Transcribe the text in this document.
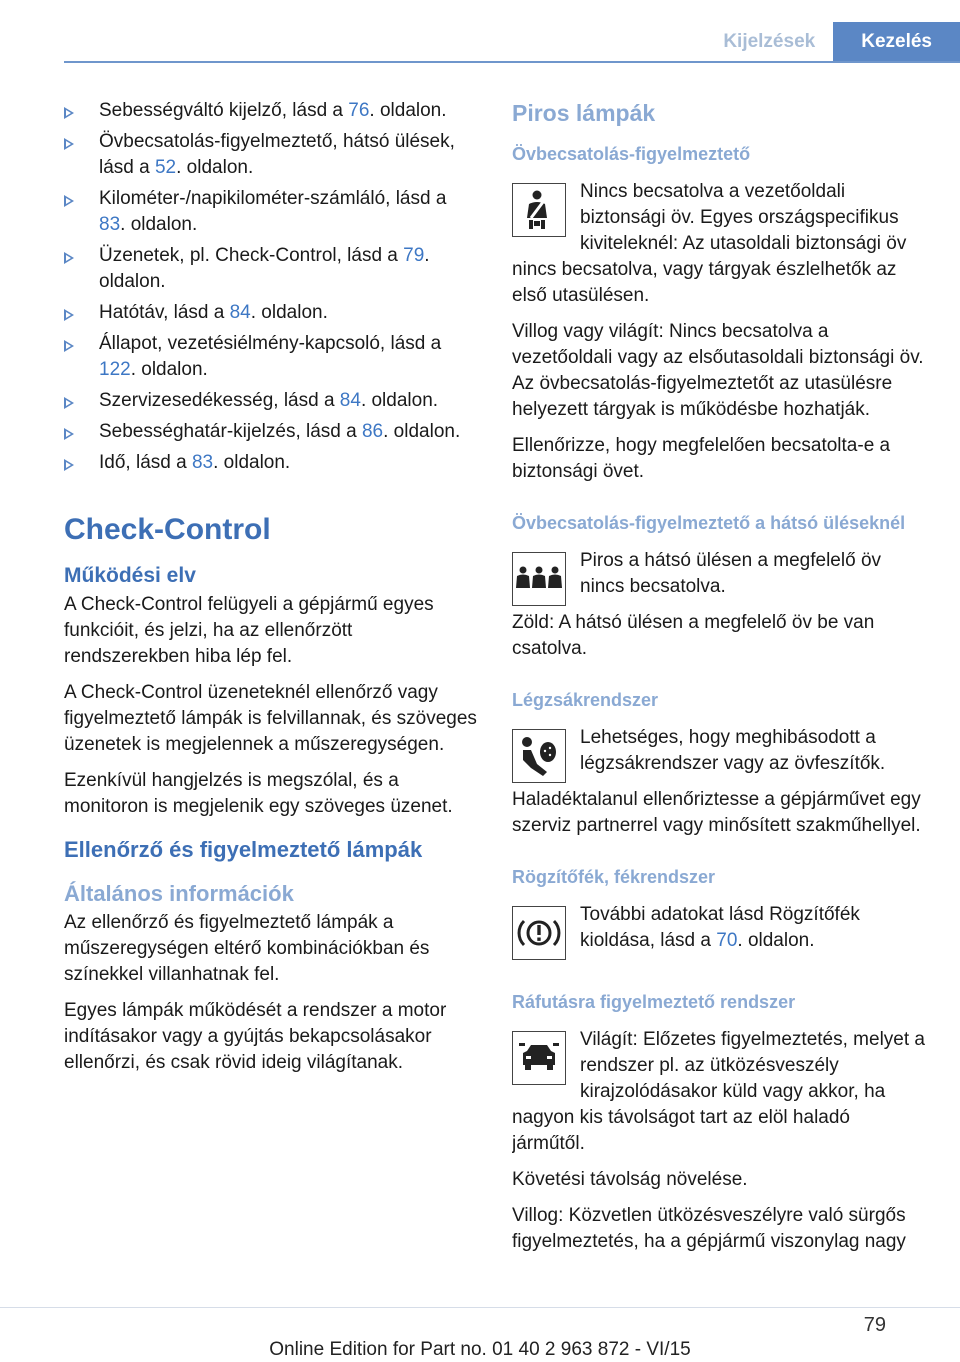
Kijelzések	Kezelés
Sebességváltó kijelző, lásd a 76. oldalon.
Övbecsatolás-figyelmeztető, hátsó ülések, lásd a 52. oldalon.
Kilométer-/napikilométer-számláló, lásd a 83. oldalon.
Üzenetek, pl. Check-Control, lásd a 79. oldalon.
Hatótáv, lásd a 84. oldalon.
Állapot, vezetésiélmény-kapcsoló, lásd a 122. oldalon.
Szervizesedékesség, lásd a 84. oldalon.
Sebességhatár-kijelzés, lásd a 86. oldalon.
Idő, lásd a 83. oldalon.
Check-Control
Működési elv

A Check-Control felügyeli a gépjármű egyes funkcióit, és jelzi, ha az ellenőrzött rendszerekben hiba lép fel.

A Check-Control üzeneteknél ellenőrző vagy figyelmeztető lámpák is felvillannak, és szöveges üzenetek is megjelennek a műszeregységen.

Ezenkívül hangjelzés is megszólal, és a monitoron is megjelenik egy szöveges üzenet.

Ellenőrző és figyelmeztető lámpák
Általános információk

Az ellenőrző és figyelmeztető lámpák a műszeregységen eltérő kombinációkban és színekkel villanhatnak fel.

Egyes lámpák működését a rendszer a motor indításakor vagy a gyújtás bekapcsolásakor ellenőrzi, és csak rövid ideig világítanak.

Piros lámpák
Övbecsatolás-figyelmeztető

Nincs becsatolva a vezetőoldali biztonsági öv. Egyes országspecifikus kiviteleknél: Az utasoldali biztonsági öv nincs becsatolva, vagy tárgyak észlelhetők az első utasülésen.

Villog vagy világít: Nincs becsatolva a vezetőoldali vagy az elsőutasoldali biztonsági öv. Az övbecsatolás-figyelmeztetőt az utasülésre helyezett tárgyak is működésbe hozhatják.

Ellenőrizze, hogy megfelelően becsatolta-e a biztonsági övet.

Övbecsatolás-figyelmeztető a hátsó üléseknél

Piros a hátsó ülésen a megfelelő öv nincs becsatolva.

Zöld: A hátsó ülésen a megfelelő öv be van csatolva.

Légzsákrendszer

Lehetséges, hogy meghibásodott a légzsákrendszer vagy az övfeszítők.

Haladéktalanul ellenőriztesse a gépjárművet egy szerviz partnerrel vagy minősített szakműhellyel.

Rögzítőfék, fékrendszer

További adatokat lásd Rögzítőfék kioldása, lásd a 70. oldalon.

Ráfutásra figyelmeztető rendszer

Világít: Előzetes figyelmeztetés, melyet a rendszer pl. az ütközésveszély kirajzolódásakor küld vagy akkor, ha nagyon kis távolságot tart az elöl haladó járműtől.

Követési távolság növelése.

Villog: Közvetlen ütközésveszélyre való sürgős figyelmeztetés, ha a gépjármű viszonylag nagy

79
Online Edition for Part no. 01 40 2 963 872 - VI/15
